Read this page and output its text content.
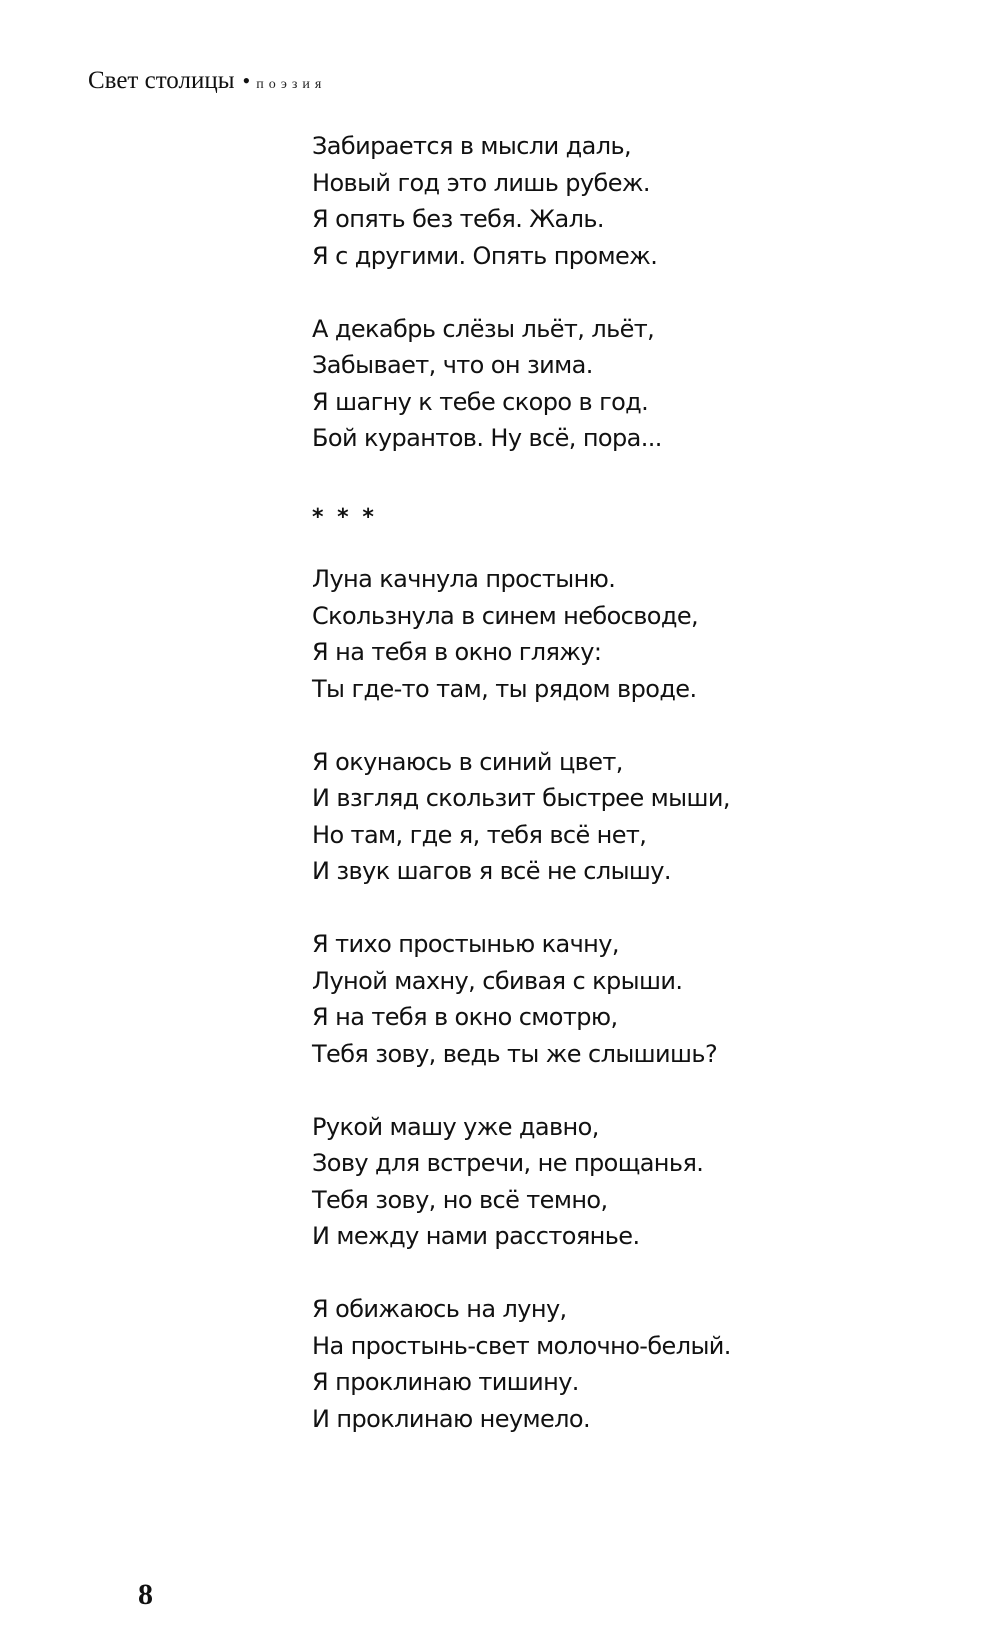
Свет столицы • поэзия
Забирается в мысли даль,
Новый год это лишь рубеж.
Я опять без тебя. Жаль.
Я с другими. Опять промеж.
А декабрь слёзы льёт, льёт,
Забывает, что он зима.
Я шагну к тебе скоро в год.
Бой курантов. Ну всё, пора...
* * *
Луна качнула простыню.
Скользнула в синем небосводе,
Я на тебя в окно гляжу:
Ты где-то там, ты рядом вроде.
Я окунаюсь в синий цвет,
И взгляд скользит быстрее мыши,
Но там, где я, тебя всё нет,
И звук шагов я всё не слышу.
Я тихо простынью качну,
Луной махну, сбивая с крыши.
Я на тебя в окно смотрю,
Тебя зову, ведь ты же слышишь?
Рукой машу уже давно,
Зову для встречи, не прощанья.
Тебя зову, но всё темно,
И между нами расстоянье.
Я обижаюсь на луну,
На простынь-свет молочно-белый.
Я проклинаю тишину.
И проклинаю неумело.
8
